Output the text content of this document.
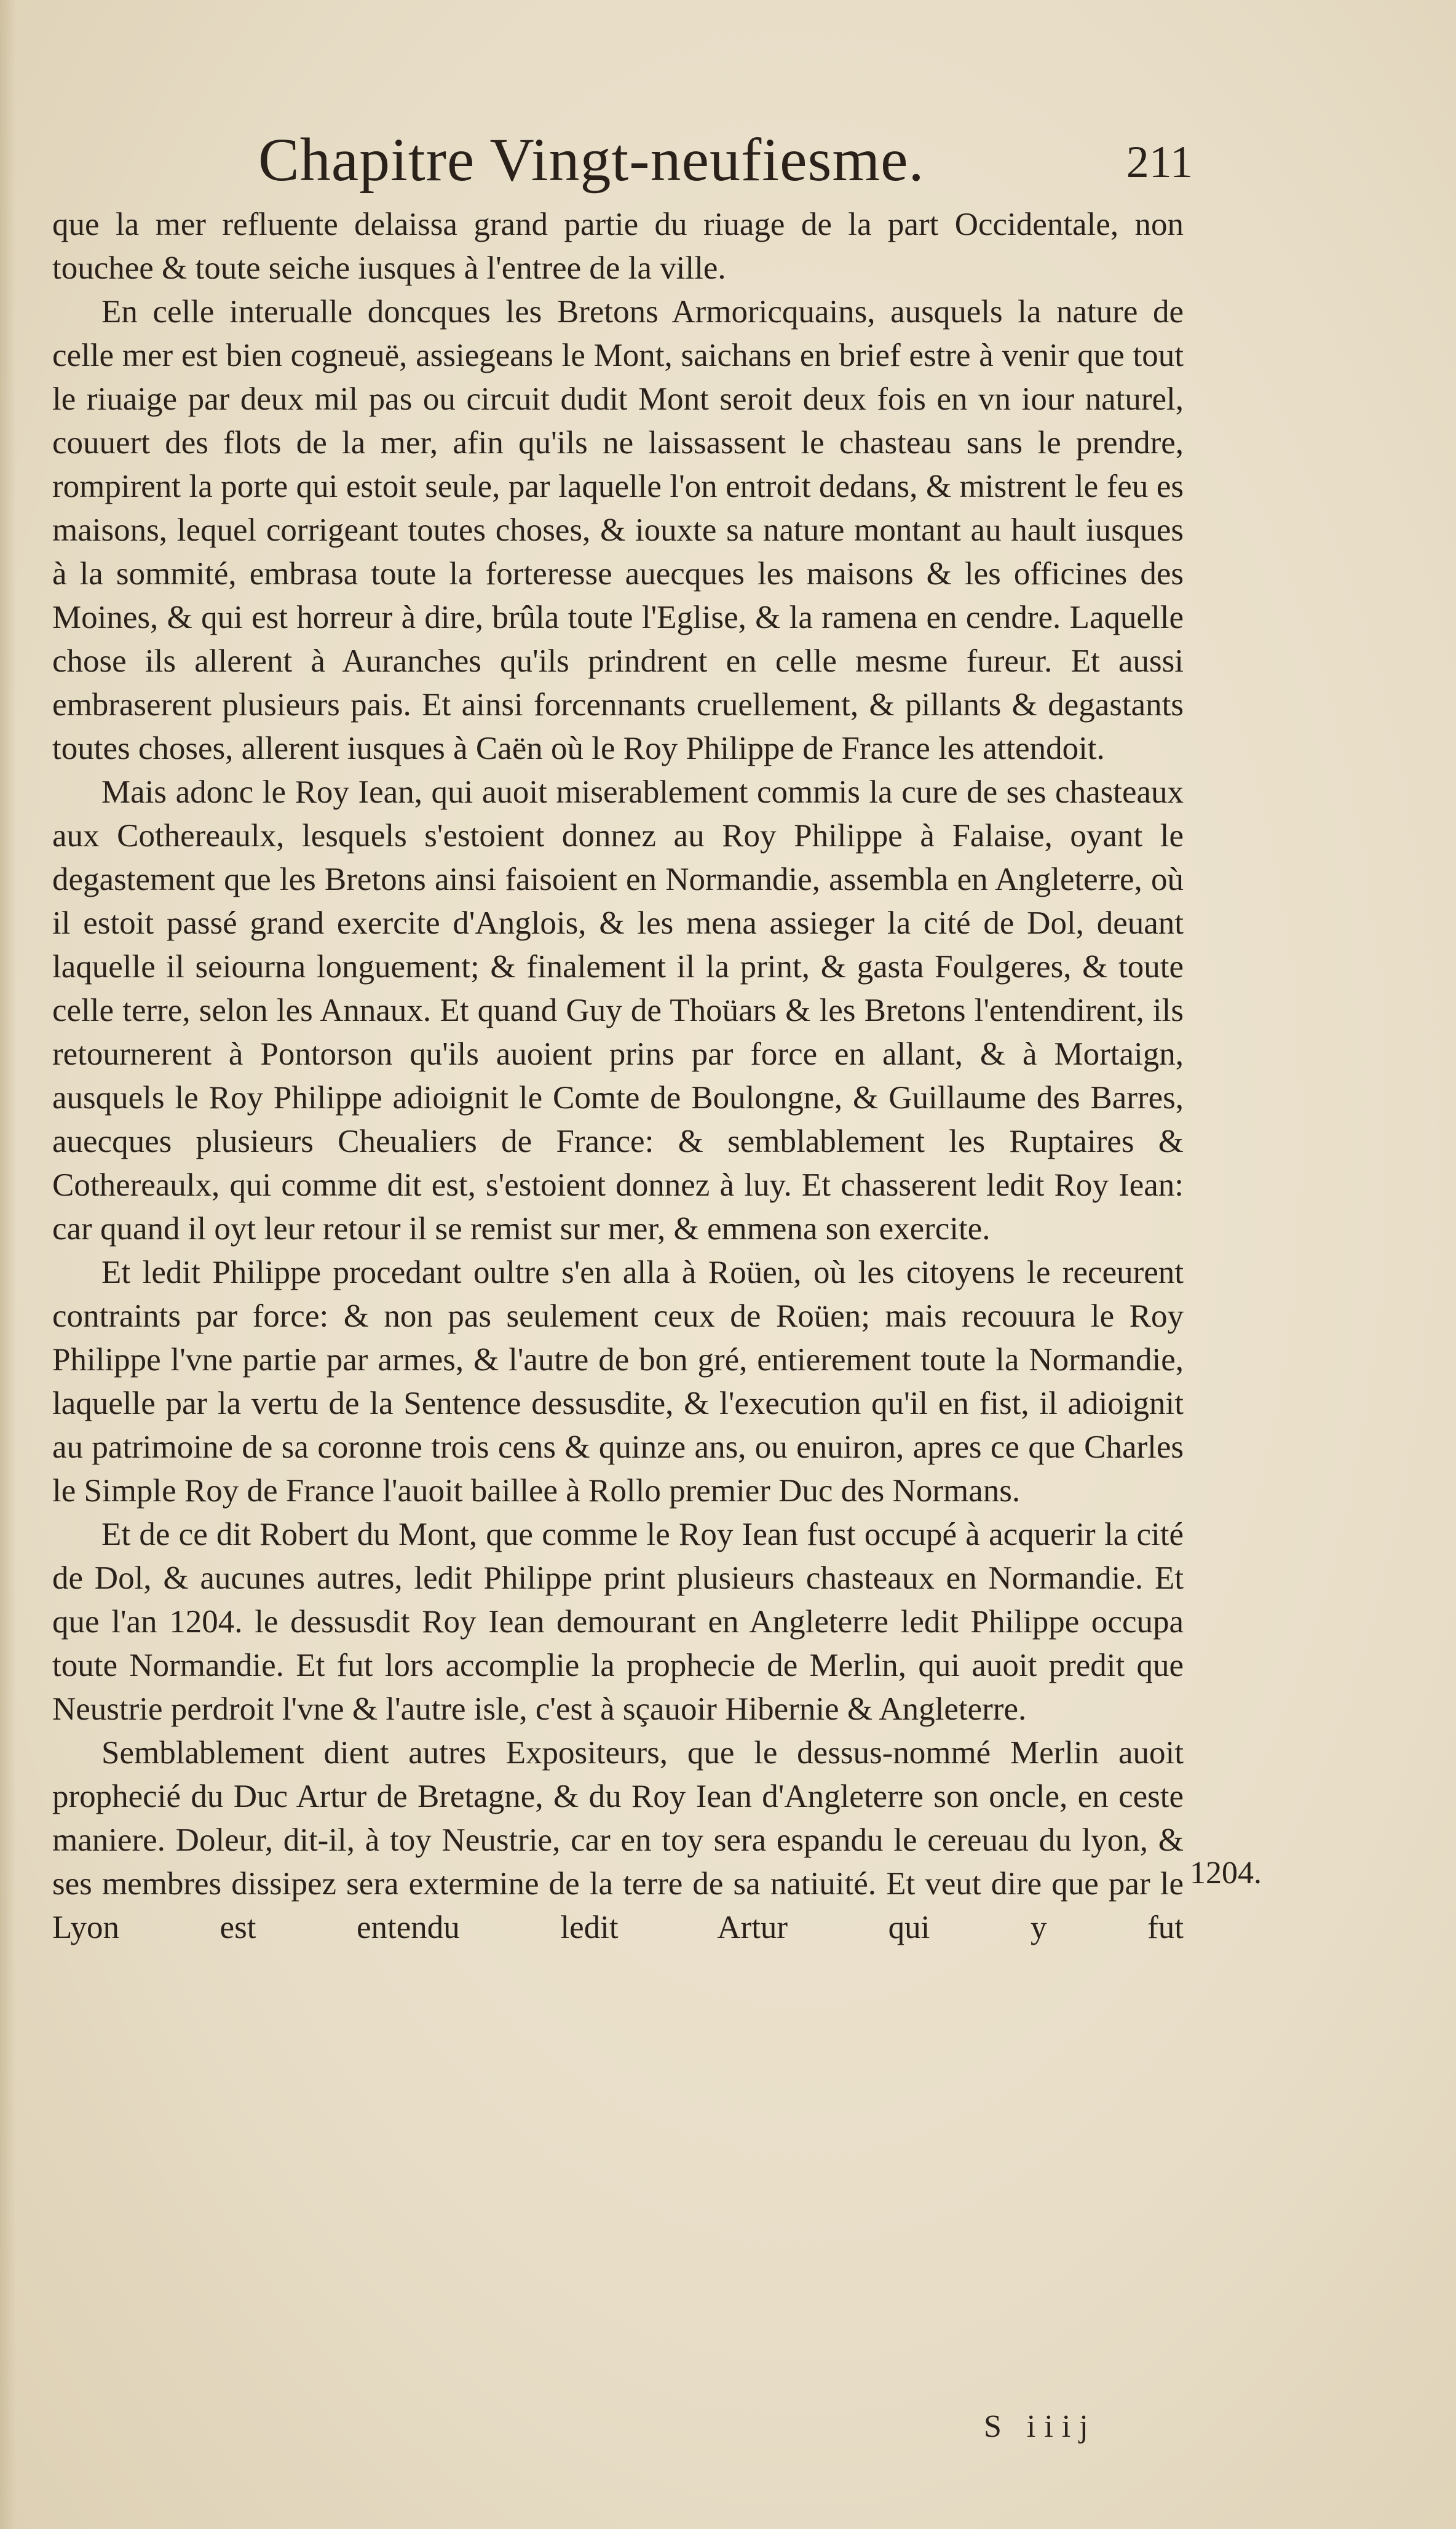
Chapitre Vingt-neufiesme.	211

que la mer refluente delaissa grand partie du riuage de la part Occidentale, non touchee & toute seiche iusques à l'entree de la ville.

En celle interualle doncques les Bretons Armoricquains, ausquels la nature de celle mer est bien cogneuë, assiegeans le Mont, saichans en brief estre à venir que tout le riuaige par deux mil pas ou circuit dudit Mont seroit deux fois en vn iour naturel, couuert des flots de la mer, afin qu'ils ne laissassent le chasteau sans le prendre, rompirent la porte qui estoit seule, par laquelle l'on entroit dedans, & mistrent le feu es maisons, lequel corrigeant toutes choses, & iouxte sa nature montant au hault iusques à la sommité, embrasa toute la forteresse auecques les maisons & les officines des Moines, & qui est horreur à dire, brûla toute l'Eglise, & la ramena en cendre. Laquelle chose ils allerent à Auranches qu'ils prindrent en celle mesme fureur. Et aussi embraserent plusieurs pais. Et ainsi forcennants cruellement, & pillants & degastants toutes choses, allerent iusques à Caën où le Roy Philippe de France les attendoit.

Mais adonc le Roy Iean, qui auoit miserablement commis la cure de ses chasteaux aux Cothereaulx, lesquels s'estoient donnez au Roy Philippe à Falaise, oyant le degastement que les Bretons ainsi faisoient en Normandie, assembla en Angleterre, où il estoit passé grand exercite d'Anglois, & les mena assieger la cité de Dol, deuant laquelle il seiourna longuement; & finalement il la print, & gasta Foulgeres, & toute celle terre, selon les Annaux. Et quand Guy de Thoüars & les Bretons l'entendirent, ils retournerent à Pontorson qu'ils auoient prins par force en allant, & à Mortaign, ausquels le Roy Philippe adioignit le Comte de Boulongne, & Guillaume des Barres, auecques plusieurs Cheualiers de France: & semblablement les Ruptaires & Cothereaulx, qui comme dit est, s'estoient donnez à luy. Et chasserent ledit Roy Iean: car quand il oyt leur retour il se remist sur mer, & emmena son exercite.

Et ledit Philippe procedant oultre s'en alla à Roüen, où les citoyens le receurent contraints par force: & non pas seulement ceux de Roüen; mais recouura le Roy Philippe l'vne partie par armes, & l'autre de bon gré, entierement toute la Normandie, laquelle par la vertu de la Sentence dessusdite, & l'execution qu'il en fist, il adioignit au patrimoine de sa coronne trois cens & quinze ans, ou enuiron, apres ce que Charles le Simple Roy de France l'auoit baillee à Rollo premier Duc des Normans.

Et de ce dit Robert du Mont, que comme le Roy Iean fust occupé à acquerir la cité de Dol, & aucunes autres, ledit Philippe print plusieurs chasteaux en Normandie. Et que l'an 1204. le dessusdit Roy Iean demourant en Angleterre ledit Philippe occupa toute Normandie. Et fut lors accomplie la prophecie de Merlin, qui auoit predit que Neustrie perdroit l'vne & l'autre isle, c'est à sçauoir Hibernie & Angleterre.

Semblablement dient autres Expositeurs, que le dessus-nommé Merlin auoit prophecié du Duc Artur de Bretagne, & du Roy Iean d'Angleterre son oncle, en ceste maniere. Doleur, dit-il, à toy Neustrie, car en toy sera espandu le cereuau du lyon, & ses membres dissipez sera extermine de la terre de sa natiuité. Et veut dire que par le Lyon est entendu ledit Artur qui y fut

1204.
S iiij
